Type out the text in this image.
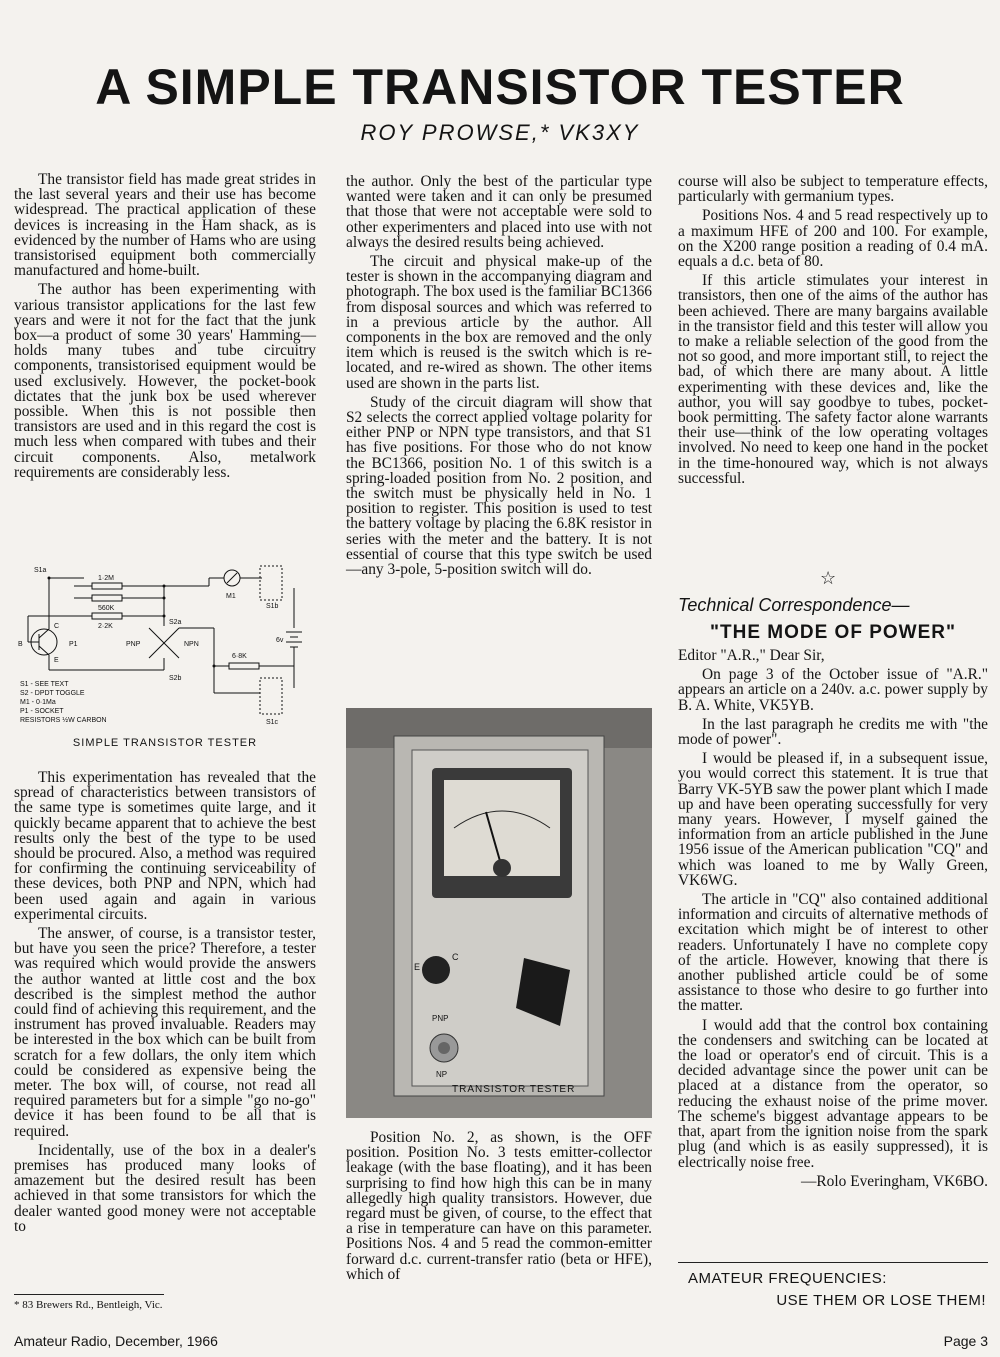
A SIMPLE TRANSISTOR TESTER
ROY PROWSE,* VK3XY

The transistor field has made great strides in the last several years and their use has become widespread. The practical application of these devices is increasing in the Ham shack, as is evidenced by the number of Hams who are using transistorised equipment both commercially manufactured and home-built.

The author has been experimenting with various transistor applications for the last few years and were it not for the fact that the junk box—a product of some 30 years' Hamming—holds many tubes and tube circuitry components, transistorised equipment would be used exclusively. However, the pocket-book dictates that the junk box be used wherever possible. When this is not possible then transistors are used and in this regard the cost is much less when compared with tubes and their circuit components. Also, metalwork requirements are considerably less.

S1a
S1b
S1c
S2a
S2b
M1
P1
1·2M
560K
2·2K
6·8K
PNP	NPN
6v
B
C
E
S1 - SEE TEXT
S2 - DPDT TOGGLE
M1 - 0·1Ma
P1 - SOCKET
RESISTORS ½W CARBON
SIMPLE TRANSISTOR TESTER

This experimentation has revealed that the spread of characteristics between transistors of the same type is sometimes quite large, and it quickly became apparent that to achieve the best results only the best of the type to be used should be procured. Also, a method was required for confirming the continuing serviceability of these devices, both PNP and NPN, which had been used again and again in various experimental circuits.

The answer, of course, is a transistor tester, but have you seen the price? Therefore, a tester was required which would provide the answers the author wanted at little cost and the box described is the simplest method the author could find of achieving this requirement, and the instrument has proved invaluable. Readers may be interested in the box which can be built from scratch for a few dollars, the only item which could be considered as expensive being the meter. The box will, of course, not read all required parameters but for a simple "go no-go" device it has been found to be all that is required.

Incidentally, use of the box in a dealer's premises has produced many looks of amazement but the desired result has been achieved in that some transistors for which the dealer wanted good money were not acceptable to

the author. Only the best of the particular type wanted were taken and it can only be presumed that those that were not acceptable were sold to other experimenters and placed into use with not always the desired results being achieved.

The circuit and physical make-up of the tester is shown in the accompanying diagram and photograph. The box used is the familiar BC1366 from disposal sources and which was referred to in a previous article by the author. All components in the box are removed and the only item which is reused is the switch which is re-located, and re-wired as shown. The other items used are shown in the parts list.

Study of the circuit diagram will show that S2 selects the correct applied voltage polarity for either PNP or NPN type transistors, and that S1 has five positions. For those who do not know the BC1366, position No. 1 of this switch is a spring-loaded position from No. 2 position, and the switch must be physically held in No. 1 position to register. This position is used to test the battery voltage by placing the 6.8K resistor in series with the meter and the battery. It is not essential of course that this type switch be used—any 3-pole, 5-position switch will do.

E
C
PNP
NP
TRANSISTOR TESTER

Position No. 2, as shown, is the OFF position. Position No. 3 tests emitter-collector leakage (with the base floating), and it has been surprising to find how high this can be in many allegedly high quality transistors. However, due regard must be given, of course, to the effect that a rise in temperature can have on this parameter. Positions Nos. 4 and 5 read the common-emitter forward d.c. current-transfer ratio (beta or HFE), which of

course will also be subject to temperature effects, particularly with germanium types.

Positions Nos. 4 and 5 read respectively up to a maximum HFE of 200 and 100. For example, on the X200 range position a reading of 0.4 mA. equals a d.c. beta of 80.

If this article stimulates your interest in transistors, then one of the aims of the author has been achieved. There are many bargains available in the transistor field and this tester will allow you to make a reliable selection of the good from the not so good, and more important still, to reject the bad, of which there are many about. A little experimenting with these devices and, like the author, you will say goodbye to tubes, pocket-book permitting. The safety factor alone warrants their use—think of the low operating voltages involved. No need to keep one hand in the pocket in the time-honoured way, which is not always successful.

☆
Technical Correspondence—
"THE MODE OF POWER"

Editor "A.R.," Dear Sir,

On page 3 of the October issue of "A.R." appears an article on a 240v. a.c. power supply by B. A. White, VK5YB.

In the last paragraph he credits me with "the mode of power".

I would be pleased if, in a subsequent issue, you would correct this statement. It is true that Barry VK-5YB saw the power plant which I made up and have been operating successfully for very many years. However, I myself gained the information from an article published in the June 1956 issue of the American publication "CQ" and which was loaned to me by Wally Green, VK6WG.

The article in "CQ" also contained additional information and circuits of alternative methods of excitation which might be of interest to other readers. Unfortunately I have no complete copy of the article. However, knowing that there is another published article could be of some assistance to those who desire to go further into the matter.

I would add that the control box containing the condensers and switching can be located at the load or operator's end of circuit. This is a decided advantage since the power unit can be placed at a distance from the operator, so reducing the exhaust noise of the prime mover. The scheme's biggest advantage appears to be that, apart from the ignition noise from the spark plug (and which is as easily suppressed), it is electrically noise free.

—Rolo Everingham, VK6BO.

AMATEUR FREQUENCIES:
USE THEM OR LOSE THEM!
* 83 Brewers Rd., Bentleigh, Vic.
Amateur Radio, December, 1966	Page 3
